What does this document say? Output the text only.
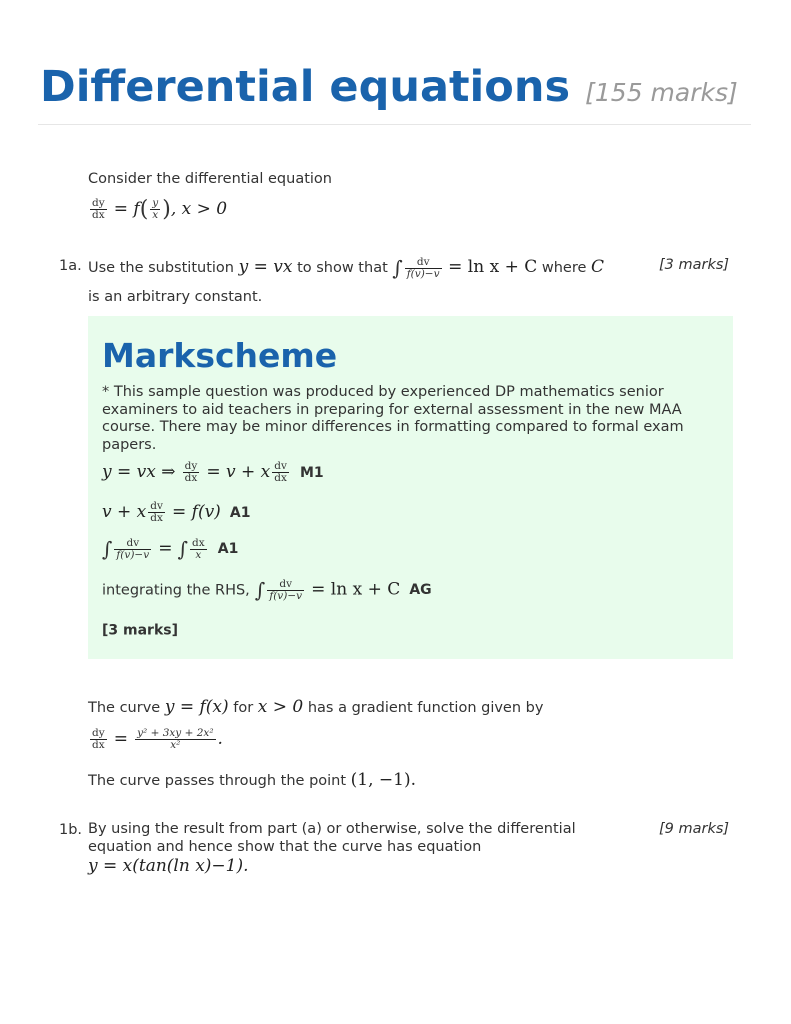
Differential equations [155 marks]
Consider the differential equation
$\frac{dy}{dx} = f( \frac{y}{x}$ ), x > 0
1a. Use the substitution y = vx to show that ∫ $\frac{dv}{f(v)-v} = \ln x + C$ where C
is an arbitrary constant.
[3 marks]
Markscheme
* This sample question was produced by experienced DP mathematics senior examiners to aid teachers in preparing for external assessment in the new MAA course. There may be minor differences in formatting compared to formal exam papers.
y = vx ⇒ $\frac{dy}{dx} = v + x \frac{dv}{dx} M1$
v + x $\frac{dv}{dx} = f(v)$ A1
∫ $\frac{dv}{f(v)-v}$ = ∫ $\frac{dx}{x} A1$
integrating the RHS, ∫ $\frac{dv}{f(v)-v} = \ln x + C$ AG
[3 marks]
The curve y = f(x) for x > 0 has a gradient function given by
$\frac{dy}{dx} = \frac{\text{y² + 3xy + 2x²}}{\text{x²}}$ .
The curve passes through the point (1, −1).
1b. By using the result from part (a) or otherwise, solve the differential equation and hence show that the curve has equation
y = x(tan(ln x)−1).
[9 marks]
